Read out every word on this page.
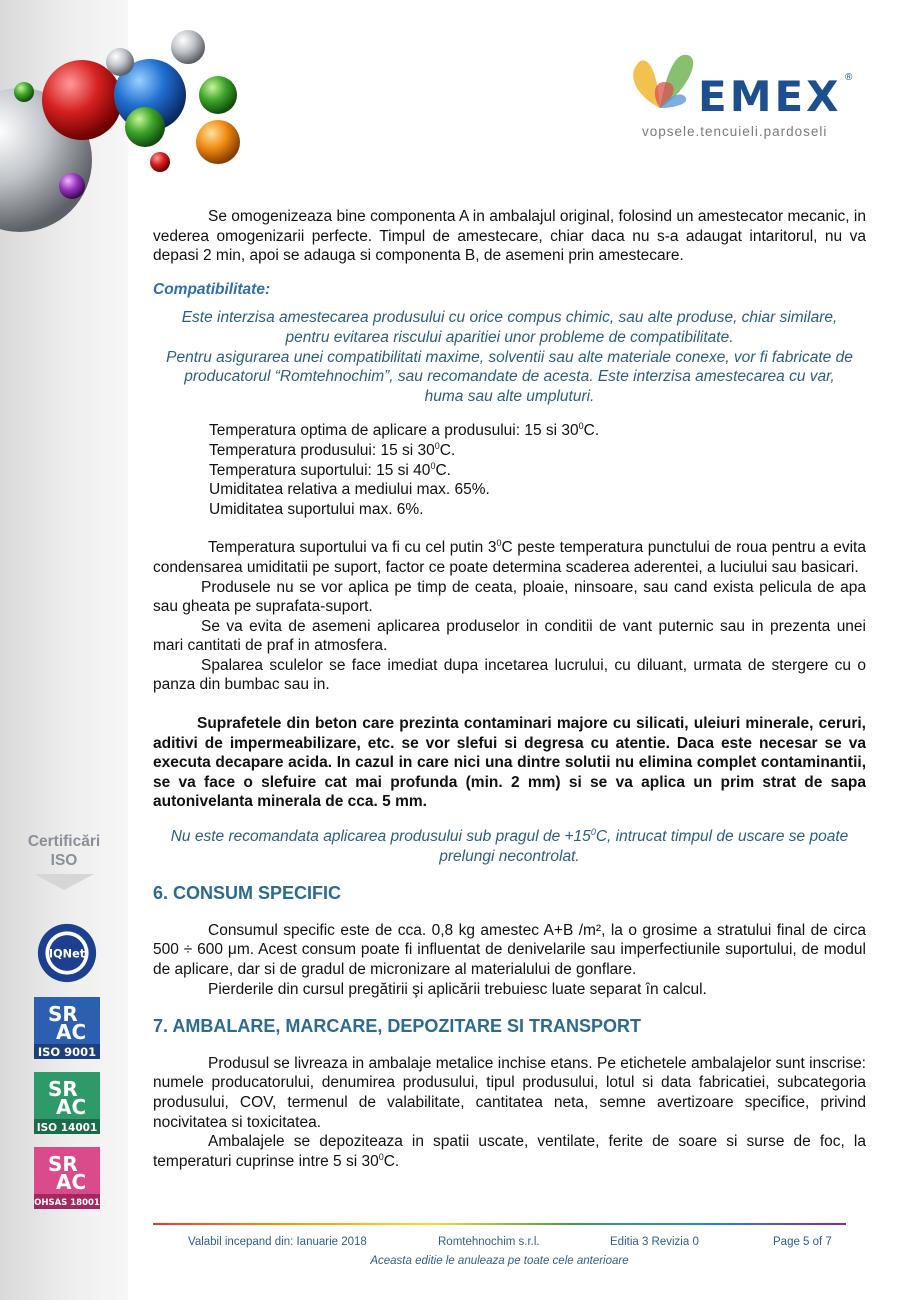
EMEX ®
vopsele.tencuieli.pardoseli

Se omogenizeaza bine componenta A in ambalajul original, folosind un amestecator mecanic, in vederea omogenizarii perfecte. Timpul de amestecare, chiar daca nu s-a adaugat intaritorul, nu va depasi 2 min, apoi se adauga si componenta B, de asemeni prin amestecare.

Compatibilitate:

Este interzisa amestecarea produsului cu orice compus chimic, sau alte produse, chiar similare, pentru evitarea riscului aparitiei unor probleme de compatibilitate.

Pentru asigurarea unei compatibilitati maxime, solventii sau alte materiale conexe, vor fi fabricate de producatorul “Romtehnochim”, sau recomandate de acesta. Este interzisa amestecarea cu var, huma sau alte umpluturi.

Temperatura optima de aplicare a produsului: 15 si $30^0C$.
Temperatura produsului: 15 si $30^0C$.
Temperatura suportului: 15 si $40^0C$.
Umiditatea relativa a mediului max. 65%.
Umiditatea suportului max. 6%.

Temperatura suportului va fi cu cel putin $3^0C$ peste temperatura punctului de roua pentru a evita condensarea umiditatii pe suport, factor ce poate determina scaderea aderentei, a luciului sau basicari.

Produsele nu se vor aplica pe timp de ceata, ploaie, ninsoare, sau cand exista pelicula de apa sau gheata pe suprafata-suport.

Se va evita de asemeni aplicarea produselor in conditii de vant puternic sau in prezenta unei mari cantitati de praf in atmosfera.

Spalarea sculelor se face imediat dupa incetarea lucrului, cu diluant, urmata de stergere cu o panza din bumbac sau in.

Suprafetele din beton care prezinta contaminari majore cu silicati, uleiuri minerale, ceruri, aditivi de impermeabilizare, etc. se vor slefui si degresa cu atentie. Daca este necesar se va executa decapare acida. In cazul in care nici una dintre solutii nu elimina complet contaminantii, se va face o slefuire cat mai profunda (min. 2 mm) si se va aplica un prim strat de sapa autonivelanta minerala de cca. 5 mm.

Nu este recomandata aplicarea produsului sub pragul de $+15^0C$, intrucat timpul de uscare se poate prelungi necontrolat.

6. CONSUM SPECIFIC

Consumul specific este de cca. 0,8 kg amestec A+B /m², la o grosime a stratului final de circa 500 ÷ 600 μm. Acest consum poate fi influentat de denivelarile sau imperfectiunile suportului, de modul de aplicare, dar si de gradul de micronizare al materialului de gonflare.

Pierderile din cursul pregătirii şi aplicării trebuiesc luate separat în calcul.

7. AMBALARE, MARCARE, DEPOZITARE SI TRANSPORT

Produsul se livreaza in ambalaje metalice inchise etans. Pe etichetele ambalajelor sunt inscrise: numele producatorului, denumirea produsului, tipul produsului, lotul si data fabricatiei, subcategoria produsului, COV, termenul de valabilitate, cantitatea neta, semne avertizoare specifice, privind nocivitatea si toxicitatea.

Ambalajele se depoziteaza in spatii uscate, ventilate, ferite de soare si surse de foc, la temperaturi cuprinse intre 5 si $30^0C$.

Certificări
ISO
IQNet
SR
AC
ISO 9001
SR
AC
ISO 14001
SR
AC
OHSAS 18001
Valabil incepand din: Ianuarie 2018	Romtehnochim s.r.l.	Editia 3 Revizia 0	Page 5 of 7
Aceasta editie le anuleaza pe toate cele anterioare
